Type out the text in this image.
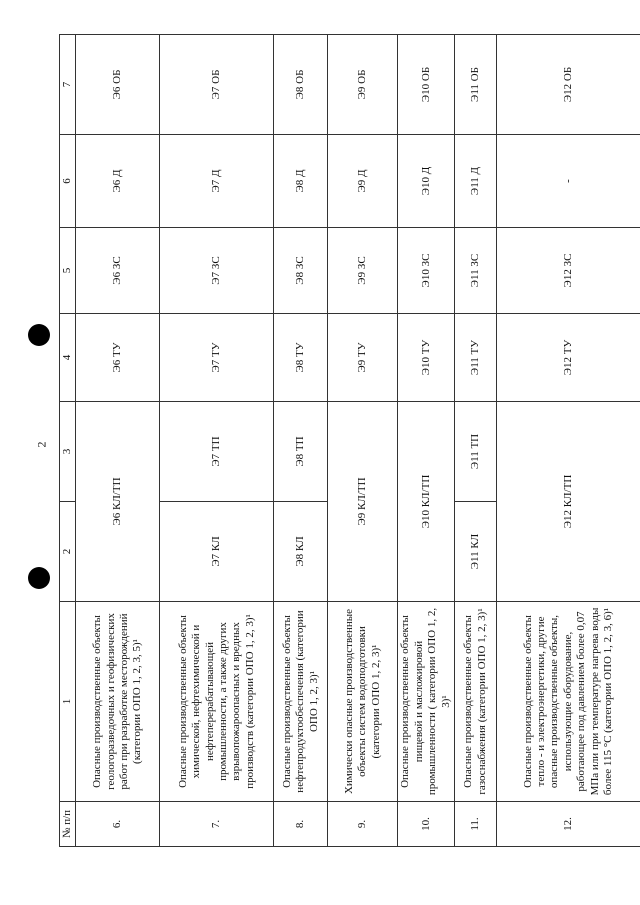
2
№ п/п	1	2	3	4	5	6	7
6.	Опасные производственные объекты геологоразведочных и геофизических работ при разработке месторождений (категории ОПО 1, 2, 3, 5)¹	Э6 КЛ/ТП		Э6 ТУ	Э6 ЗС	Э6 Д	Э6 ОБ
7.	Опасные производственные объекты химической, нефтехимической и нефтеперерабатывающей промышленности, а также других взрывопожароопасных и вредных производств (категории ОПО 1, 2, 3)¹	Э7 КЛ	Э7 ТП	Э7 ТУ	Э7 ЗС	Э7 Д	Э7 ОБ
8.	Опасные производственные объекты нефтепродуктообеспечения (категории ОПО 1, 2, 3)¹	Э8 КЛ	Э8 ТП	Э8 ТУ	Э8 ЗС	Э8 Д	Э8 ОБ
9.	Химически опасные производственные объекты систем водоподготовки (категории ОПО 1, 2, 3)¹	Э9 КЛ/ТП		Э9 ТУ	Э9 ЗС	Э9 Д	Э9 ОБ
10.	Опасные производственные объекты пищевой и масложировой промышленности ( категории ОПО 1, 2, 3)¹	Э10 КЛ/ТП		Э10 ТУ	Э10 ЗС	Э10 Д	Э10 ОБ
11.	Опасные производственные объекты газоснабжения (категории ОПО 1, 2, 3)¹	Э11 КЛ	Э11 ТП	Э11 ТУ	Э11 ЗС	Э11 Д	Э11 ОБ
12.	Опасные производственные объекты тепло - и электроэнергетики, другие опасные производственные объекты, использующие оборудование, работающее под давлением более 0,07 МПа или при температуре нагрева воды более 115 °С (категории ОПО 1, 2, 3, 6)¹	Э12 КЛ/ТП		Э12 ТУ	Э12 ЗС	-	Э12 ОБ
